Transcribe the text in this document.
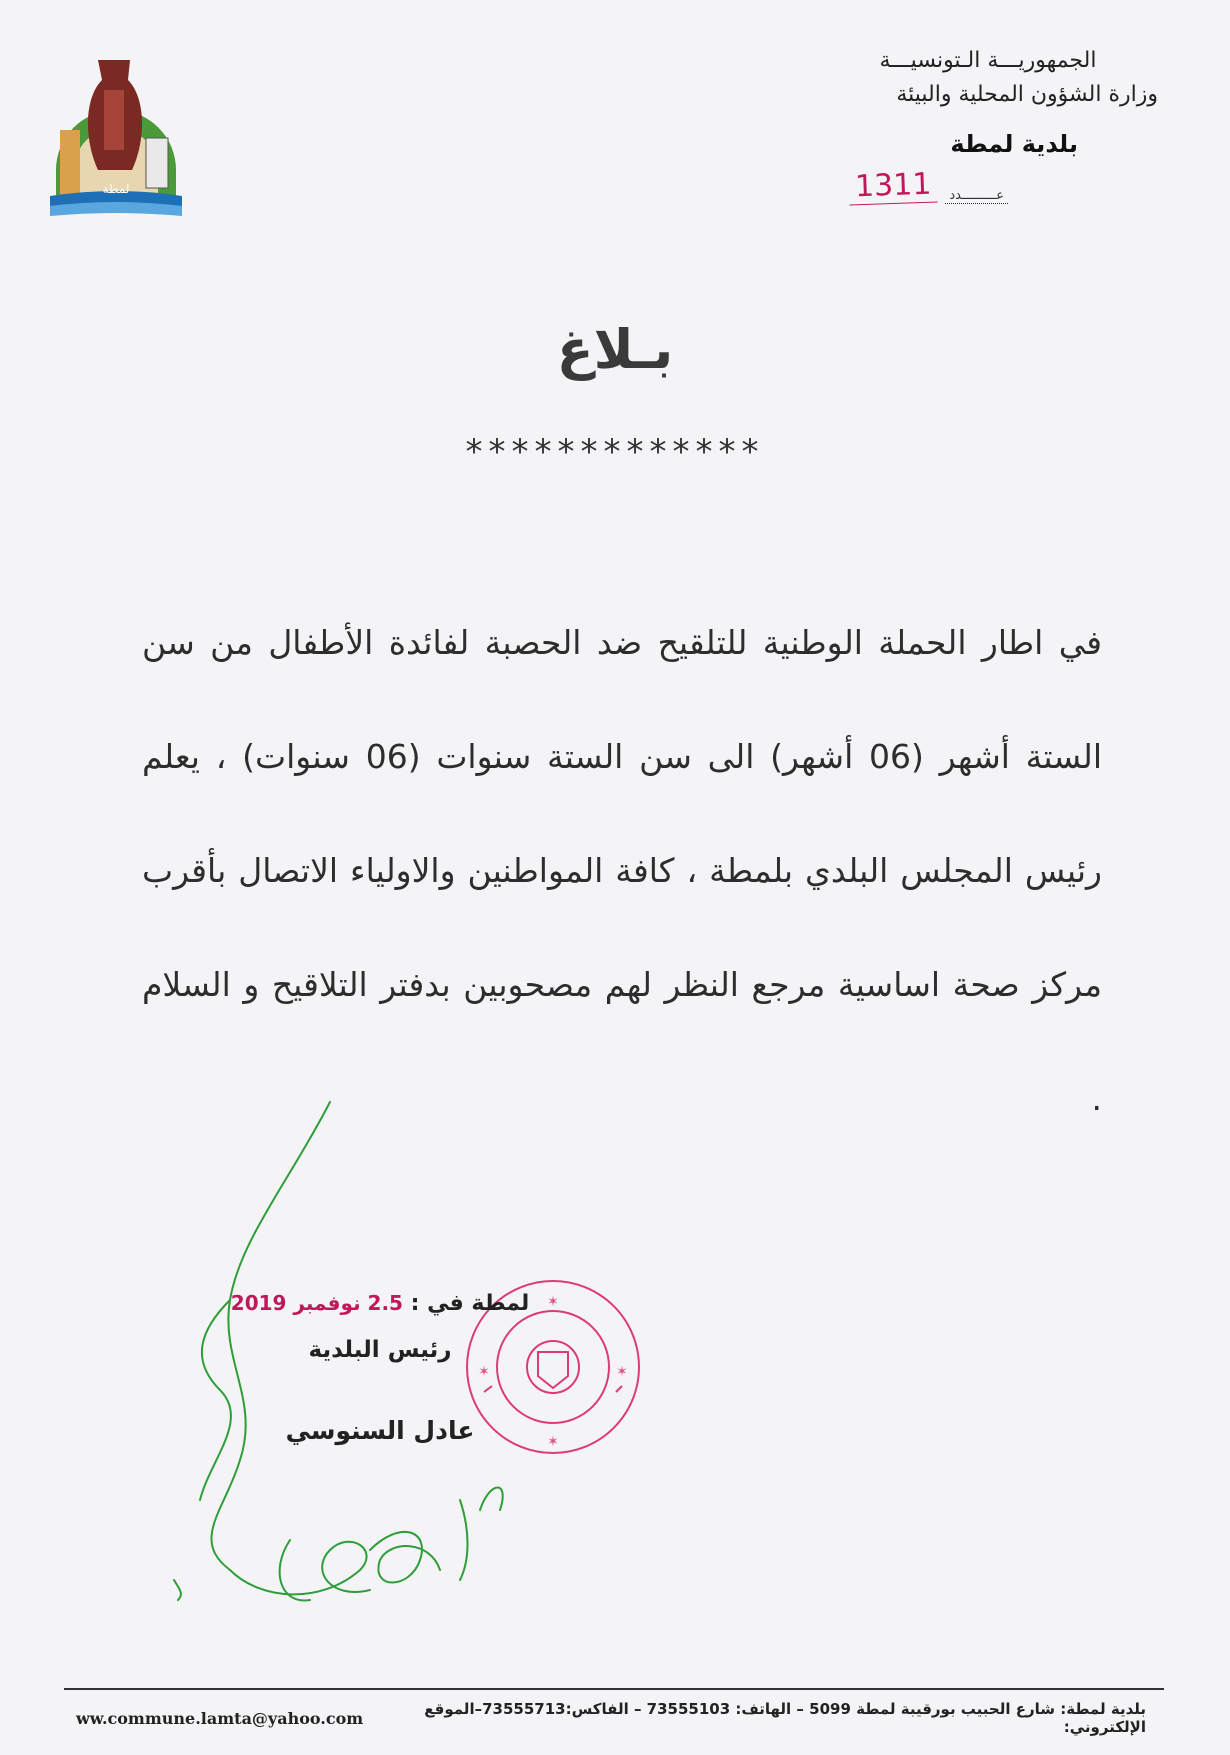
لمطة
الجمهوريـــة الـتونسيـــة
وزارة الشؤون المحلية والبيئة
بلدية لمطة
عـــــــــدد
1311
بـلاغ
*************
في اطار الحملة الوطنية للتلقيح ضد الحصبة لفائدة الأطفال من سن الستة أشهر (06 أشهر) الى سن الستة سنوات (06 سنوات) ، يعلم رئيس المجلس البلدي بلمطة ، كافة المواطنين والاولياء الاتصال بأقرب مركز صحة اساسية مرجع النظر لهم مصحوبين بدفتر التلاقيح و السلام .
✶
✶
✶	✶
لمطة في : 2.5 نوفمبر 2019
رئيس البلدية
عادل السنوسي
ww.commune.lamta@yahoo.com	بلدية لمطة: شارع الحبيب بورقيبة لمطة 5099 – الهاتف: 73555103 – الفاكس:73555713–الموقع الإلكتروني:
